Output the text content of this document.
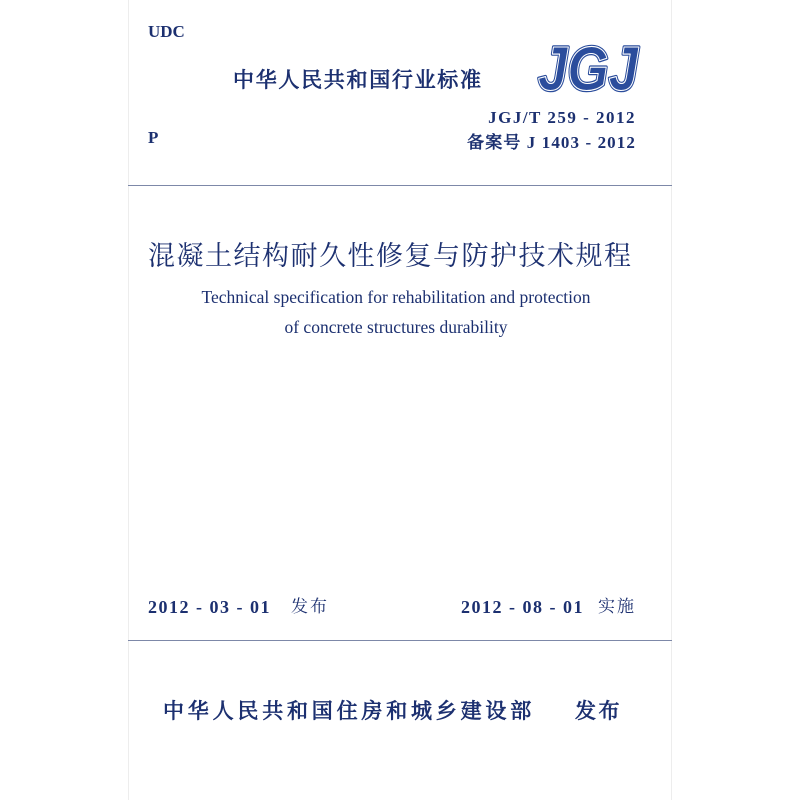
UDC
中华人民共和国行业标准 JGJ
JGJ
JGJ/T 259 - 2012
P	备案号 J 1403 - 2012
混凝土结构耐久性修复与防护技术规程
Technical specification for rehabilitation and protection
of concrete structures durability
2012 - 03 - 01 发布	2012 - 08 - 01 实施
中华人民共和国住房和城乡建设部 发布
